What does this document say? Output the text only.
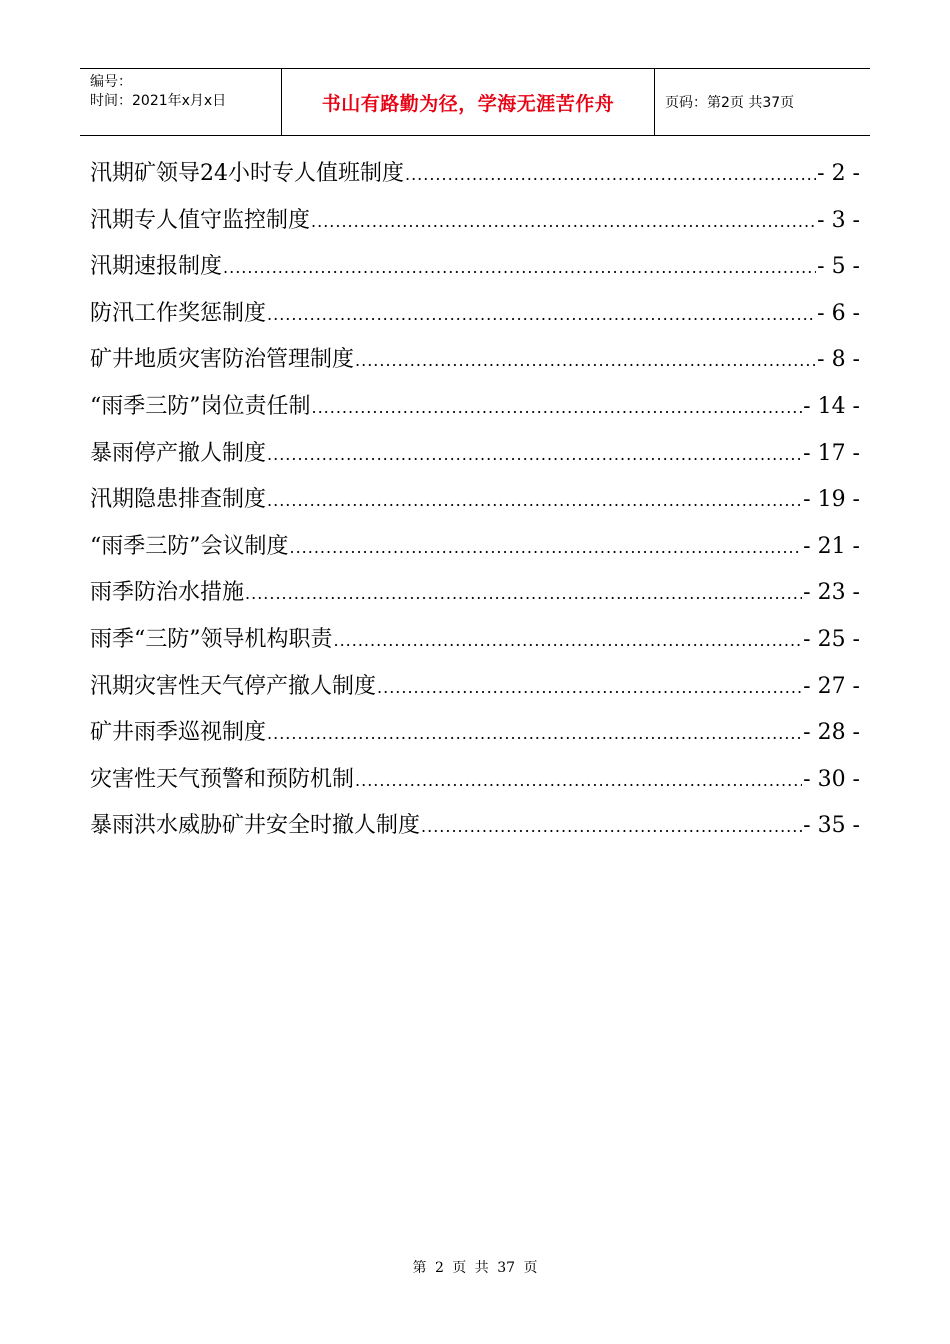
编号：
时间：2021年x月x日	书山有路勤为径，学海无涯苦作舟	页码：第2页 共37页
汛期矿领导24小时专人值班制度 .....	- 2 -
汛期专人值守监控制度 .....	- 3 -
汛期速报制度 .....	- 5 -
防汛工作奖惩制度 .....	- 6 -
矿井地质灾害防治管理制度 .....	- 8 -
“雨季三防”岗位责任制 .....	- 14 -
暴雨停产撤人制度 .....	- 17 -
汛期隐患排查制度 .....	- 19 -
“雨季三防”会议制度 .....	- 21 -
雨季防治水措施 .....	- 23 -
雨季“三防”领导机构职责 .....	- 25 -
汛期灾害性天气停产撤人制度 .....	- 27 -
矿井雨季巡视制度 .....	- 28 -
灾害性天气预警和预防机制 .....	- 30 -
暴雨洪水威胁矿井安全时撤人制度 .....	- 35 -
第 2 页 共 37 页
